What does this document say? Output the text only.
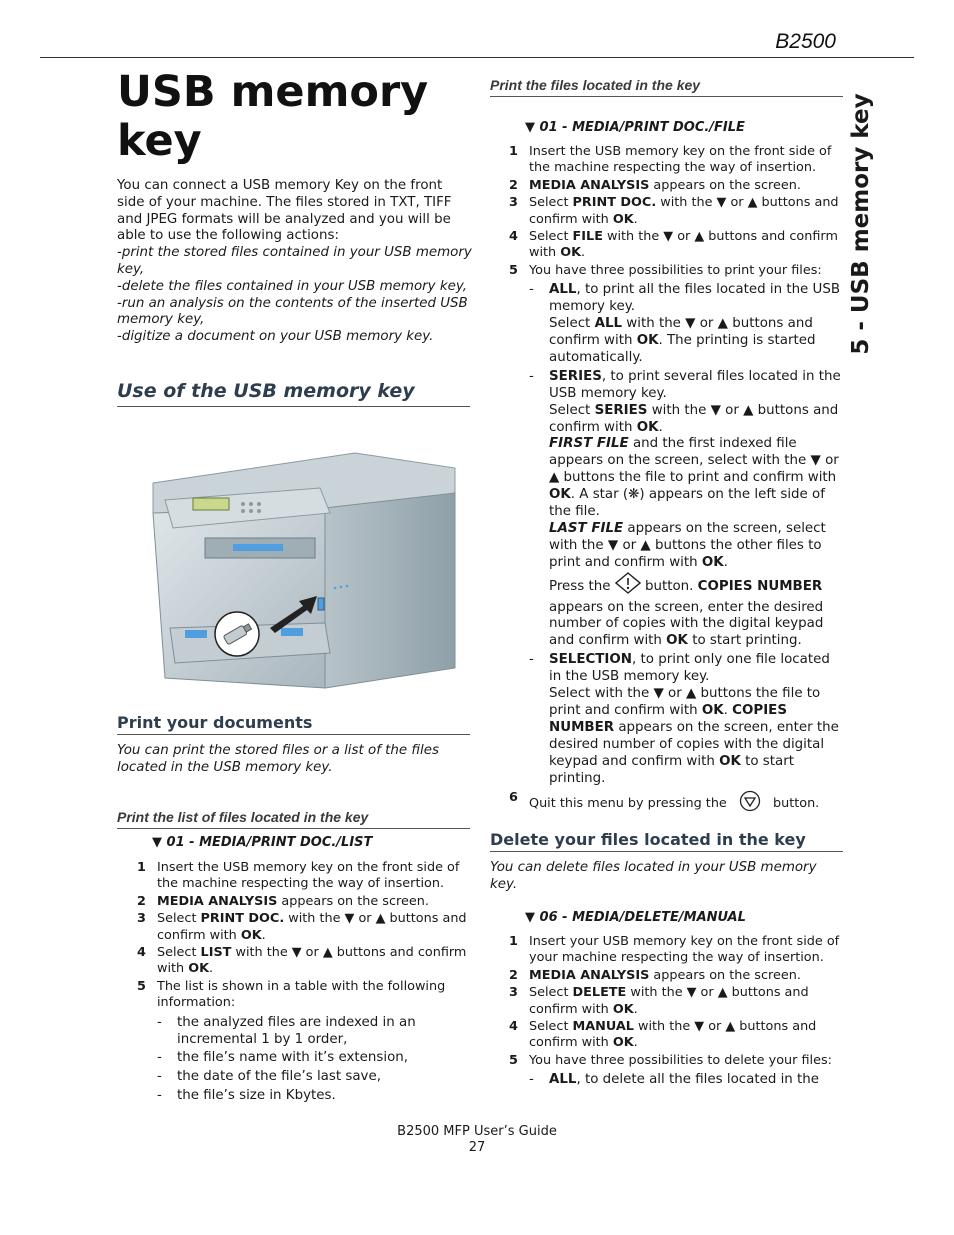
B2500
5 - USB memory key
USB memory key
You can connect a USB memory Key on the front side of your machine. The files stored in TXT, TIFF and JPEG formats will be analyzed and you will be able to use the following actions:
-print the stored files contained in your USB memory key,
-delete the files contained in your USB memory key,
-run an analysis on the contents of the inserted USB memory key,
-digitize a document on your USB memory key.
Use of the USB memory key
Print your documents
You can print the stored files or a list of the files located in the USB memory key.
Print the list of files located in the key
▼ 01 - MEDIA/PRINT DOC./LIST
1 Insert the USB memory key on the front side of the machine respecting the way of insertion.
2 MEDIA ANALYSIS appears on the screen.
3 Select PRINT DOC. with the ▼ or ▲ buttons and confirm with OK.
4 Select LIST with the ▼ or ▲ buttons and confirm with OK.
5 The list is shown in a table with the following information:
- the analyzed files are indexed in an incremental 1 by 1 order,
- the file’s name with it’s extension,
- the date of the file’s last save,
- the file’s size in Kbytes.
Print the files located in the key
▼ 01 - MEDIA/PRINT DOC./FILE
1 Insert the USB memory key on the front side of the machine respecting the way of insertion.
2 MEDIA ANALYSIS appears on the screen.
3 Select PRINT DOC. with the ▼ or ▲ buttons and confirm with OK.
4 Select FILE with the ▼ or ▲ buttons and confirm with OK.
5 You have three possibilities to print your files:
- ALL, to print all the files located in the USB memory key.
Select ALL with the ▼ or ▲ buttons and confirm with OK. The printing is started automatically.
- SERIES, to print several files located in the USB memory key.
Select SERIES with the ▼ or ▲ buttons and confirm with OK.
FIRST FILE and the first indexed file appears on the screen, select with the ▼ or ▲ buttons the file to print and confirm with OK. A star (❋) appears on the left side of the file.
LAST FILE appears on the screen, select with the ▼ or ▲ buttons the other files to print and confirm with OK.
Press the  button. COPIES NUMBER appears on the screen, enter the desired number of copies with the digital keypad and confirm with OK to start printing.
- SELECTION, to print only one file located in the USB memory key.
Select with the ▼ or ▲ buttons the file to print and confirm with OK. COPIES NUMBER appears on the screen, enter the desired number of copies with the digital keypad and confirm with OK to start printing.
6 Quit this menu by pressing the	button.
Delete your files located in the key
You can delete files located in your USB memory key.
▼ 06 - MEDIA/DELETE/MANUAL
1 Insert your USB memory key on the front side of your machine respecting the way of insertion.
2 MEDIA ANALYSIS appears on the screen.
3 Select DELETE with the ▼ or ▲ buttons and confirm with OK.
4 Select MANUAL with the ▼ or ▲ buttons and confirm with OK.
5 You have three possibilities to delete your files:
- ALL, to delete all the files located in the
B2500 MFP User’s Guide
27
